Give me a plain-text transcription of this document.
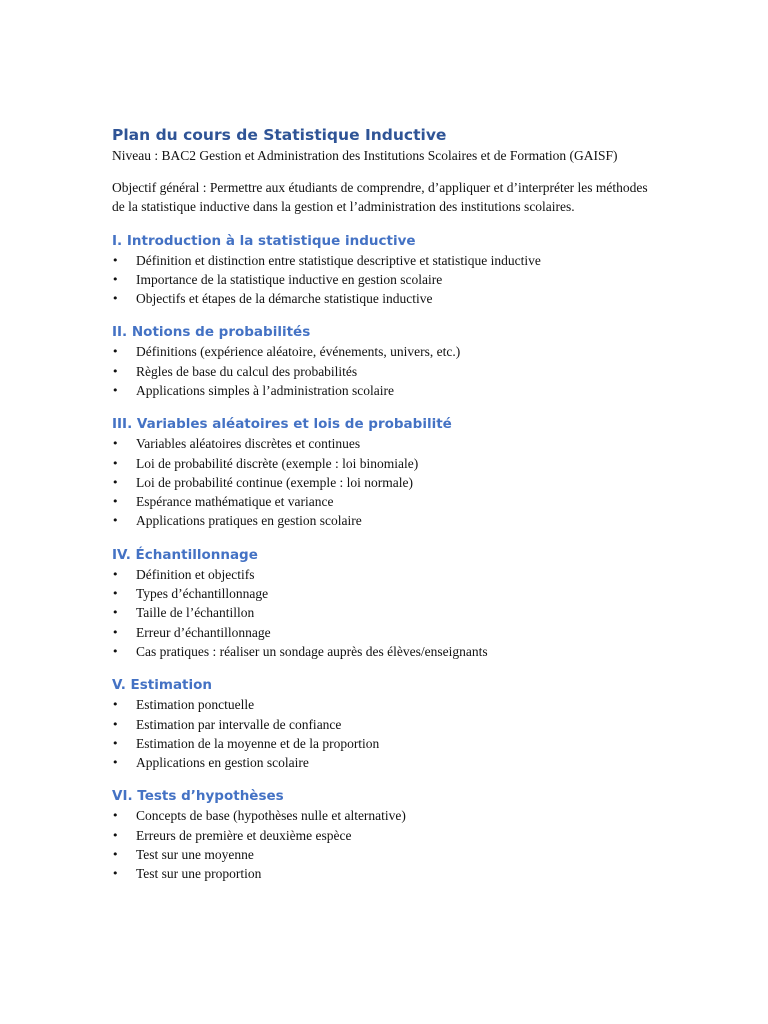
Plan du cours de Statistique Inductive

Niveau : BAC2 Gestion et Administration des Institutions Scolaires et de Formation (GAISF)

Objectif général : Permettre aux étudiants de comprendre, d’appliquer et d’interpréter les méthodes de la statistique inductive dans la gestion et l’administration des institutions scolaires.

I. Introduction à la statistique inductive
• Définition et distinction entre statistique descriptive et statistique inductive
• Importance de la statistique inductive en gestion scolaire
• Objectifs et étapes de la démarche statistique inductive
II. Notions de probabilités
• Définitions (expérience aléatoire, événements, univers, etc.)
• Règles de base du calcul des probabilités
• Applications simples à l’administration scolaire
III. Variables aléatoires et lois de probabilité
• Variables aléatoires discrètes et continues
• Loi de probabilité discrète (exemple : loi binomiale)
• Loi de probabilité continue (exemple : loi normale)
• Espérance mathématique et variance
• Applications pratiques en gestion scolaire
IV. Échantillonnage
• Définition et objectifs
• Types d’échantillonnage
• Taille de l’échantillon
• Erreur d’échantillonnage
• Cas pratiques : réaliser un sondage auprès des élèves/enseignants
V. Estimation
• Estimation ponctuelle
• Estimation par intervalle de confiance
• Estimation de la moyenne et de la proportion
• Applications en gestion scolaire
VI. Tests d’hypothèses
• Concepts de base (hypothèses nulle et alternative)
• Erreurs de première et deuxième espèce
• Test sur une moyenne
• Test sur une proportion
